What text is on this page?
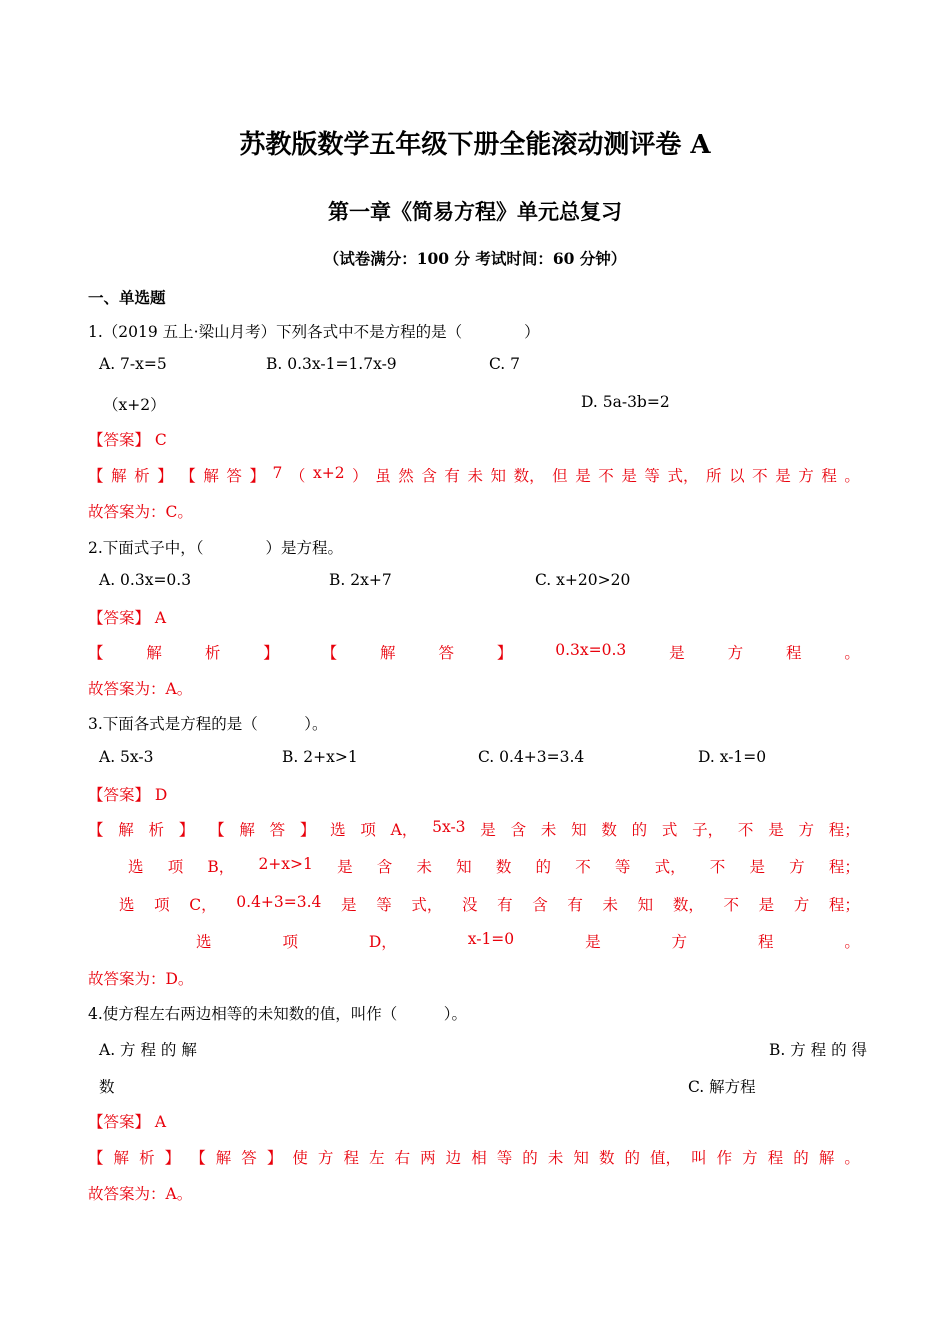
苏教版数学五年级下册全能滚动测评卷 A
第一章《简易方程》单元总复习
（试卷满分：100 分 考试时间：60 分钟）
一、单选题
1.（2019 五上·梁山月考）下列各式中不是方程的是（　　　　）
A. 7-x=5	B. 0.3x-1=1.7x-9	C. 7
（x+2）	D. 5a-3b=2
【答案】 C
【 解 析 】 【 解 答 】 7 （ x+2 ） 虽 然 含 有 未 知 数， 但 是 不 是 等 式， 所 以 不 是 方 程 。
故答案为：C。
2.下面式子中，（　　　　）是方程。
A. 0.3x=0.3	B. 2x+7	C. x+20>20
【答案】 A
【	解	析	】	【	解	答	】	0.3x=0.3	是	方	程	。
故答案为：A。
3.下面各式是方程的是（　　　）。
A. 5x-3	B. 2+x>1	C. 0.4+3=3.4	D. x-1=0
【答案】 D
【 解 析 】 【 解 答 】 选 项 A， 5x-3 是 含 未 知 数 的 式 子， 不 是 方 程；
选 项 B， 2+x>1 是 含 未 知 数 的 不 等 式， 不 是 方 程；
选 项 C， 0.4+3=3.4 是 等 式， 没 有 含 有 未 知 数， 不 是 方 程；
选	项	D，	x-1=0	是	方	程	。
故答案为：D。
4.使方程左右两边相等的未知数的值，叫作（　　　）。
A. 方 程 的 解	B. 方 程 的 得
数	C. 解方程
【答案】 A
【 解 析 】 【 解 答 】 使 方 程 左 右 两 边 相 等 的 未 知 数 的 值， 叫 作 方 程 的 解 。
故答案为：A。
